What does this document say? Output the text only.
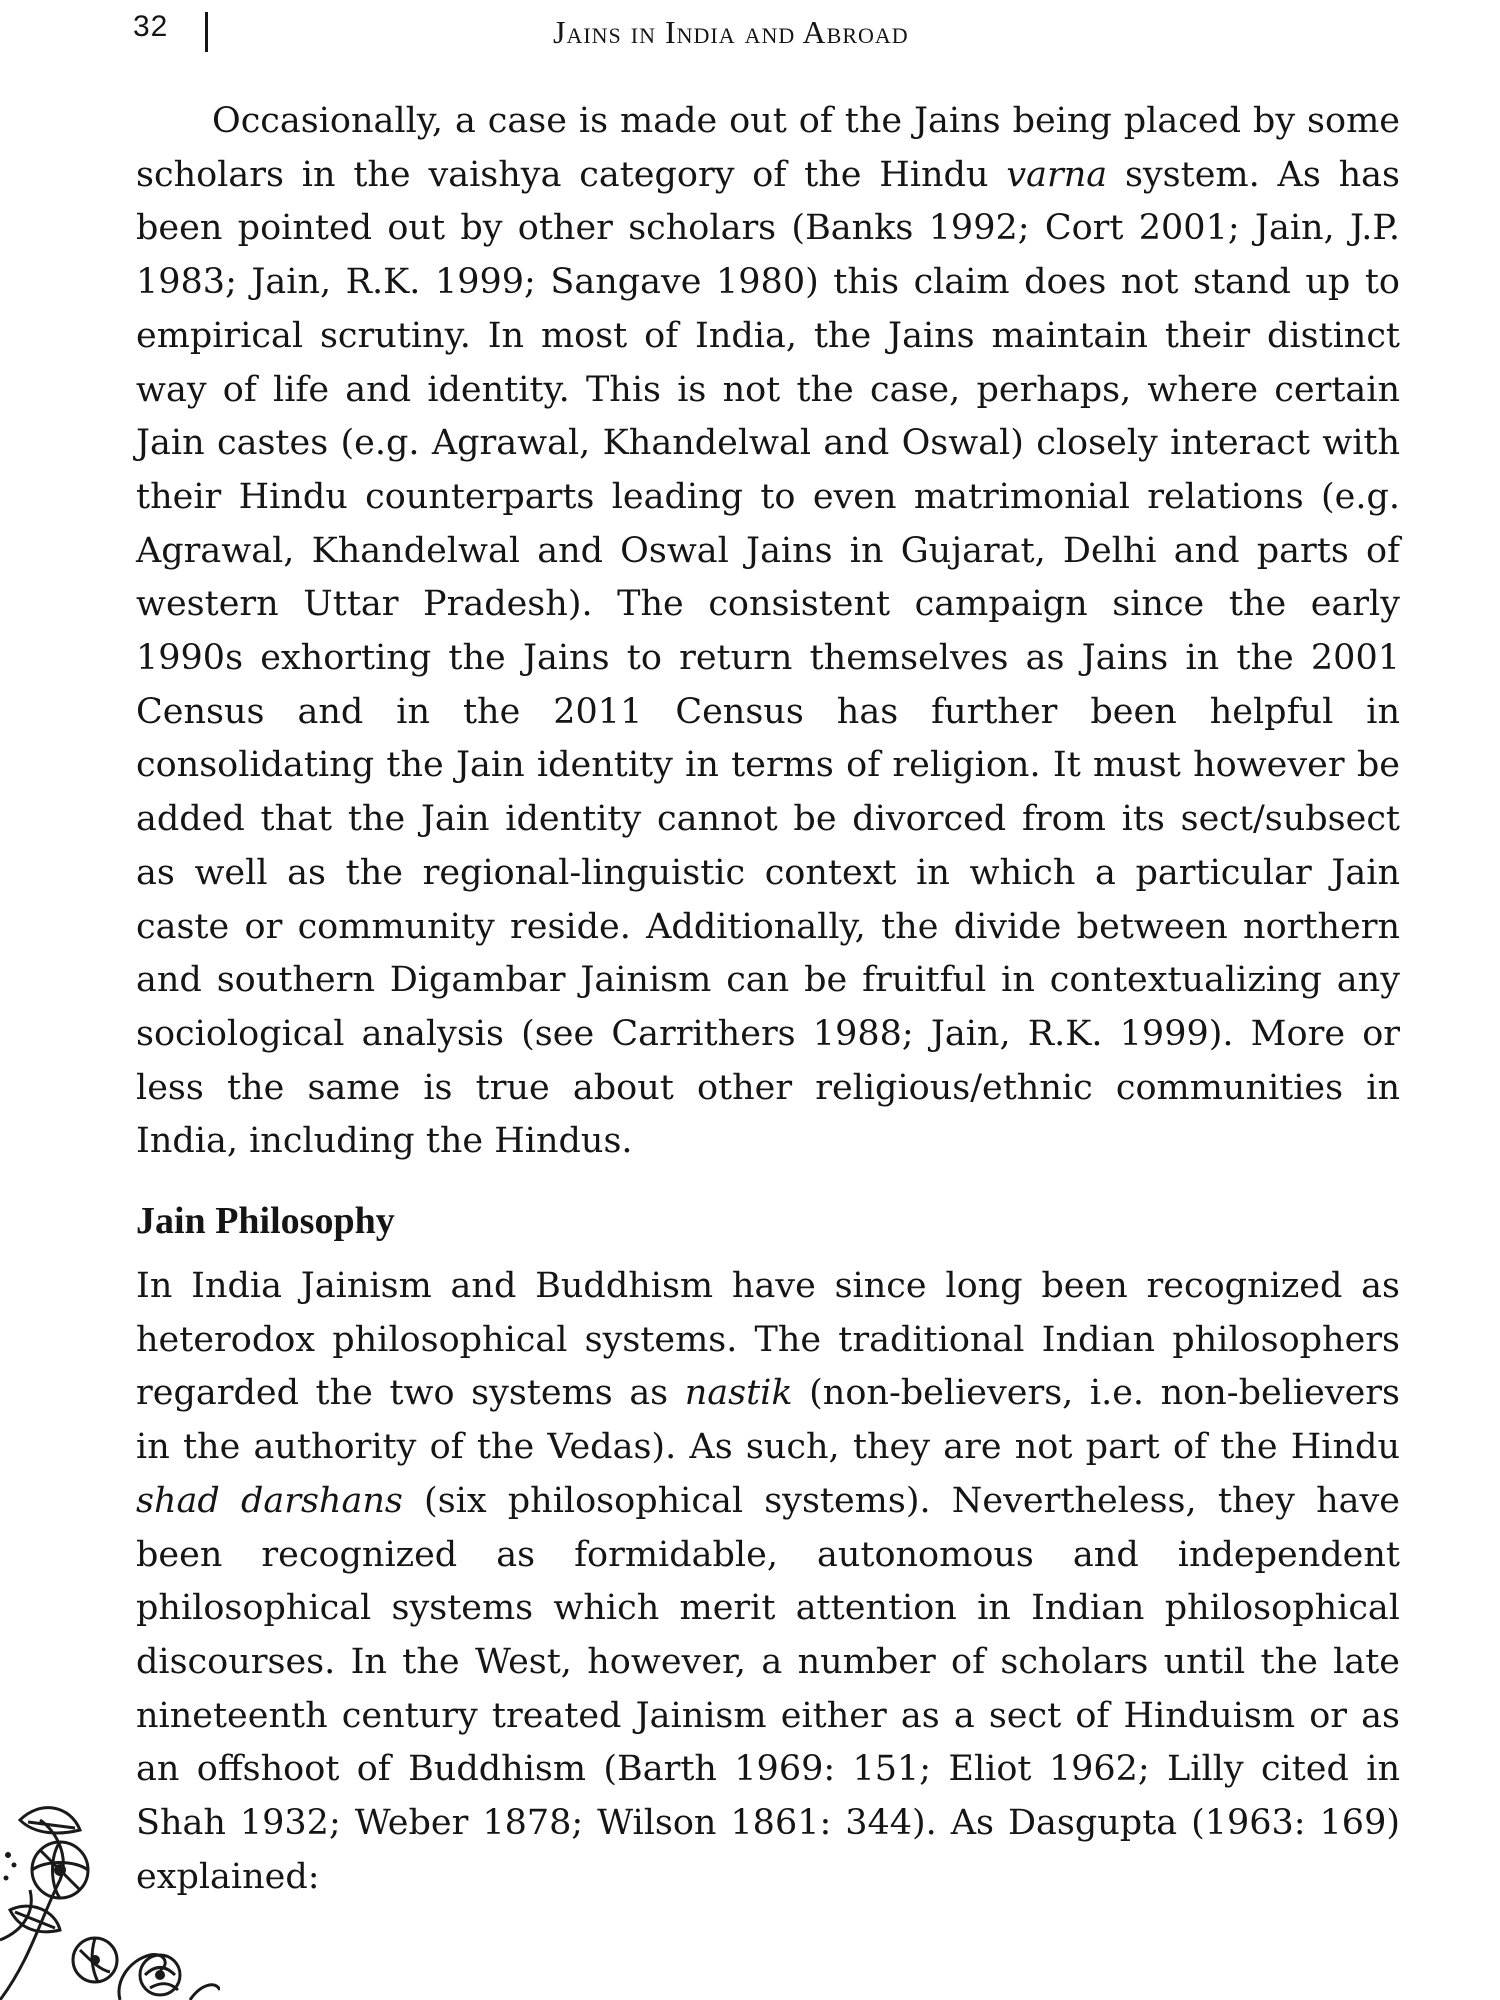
32	Jains in India and Abroad

Occasionally, a case is made out of the Jains being placed by some scholars in the vaishya category of the Hindu varna system. As has been pointed out by other scholars (Banks 1992; Cort 2001; Jain, J.P. 1983; Jain, R.K. 1999; Sangave 1980) this claim does not stand up to empirical scrutiny. In most of India, the Jains maintain their distinct way of life and identity. This is not the case, perhaps, where certain Jain castes (e.g. Agrawal, Khandelwal and Oswal) closely interact with their Hindu counterparts leading to even matrimonial relations (e.g. Agrawal, Khandelwal and Oswal Jains in Gujarat, Delhi and parts of western Uttar Pradesh). The consistent campaign since the early 1990s exhorting the Jains to return themselves as Jains in the 2001 Census and in the 2011 Census has further been helpful in consolidating the Jain identity in terms of religion. It must however be added that the Jain identity cannot be divorced from its sect/subsect as well as the regional-linguistic context in which a particular Jain caste or community reside. Additionally, the divide between northern and southern Digambar Jainism can be fruitful in contextualizing any sociological analysis (see Carrithers 1988; Jain, R.K. 1999). More or less the same is true about other religious/ethnic communities in India, including the Hindus.

Jain Philosophy

In India Jainism and Buddhism have since long been recognized as heterodox philosophical systems. The traditional Indian philosophers regarded the two systems as nastik (non-believers, i.e. non-believers in the authority of the Vedas). As such, they are not part of the Hindu shad darshans (six philosophical systems). Nevertheless, they have been recognized as formidable, autonomous and independent philosophical systems which merit attention in Indian philosophical discourses. In the West, however, a number of scholars until the late nineteenth century treated Jainism either as a sect of Hinduism or as an offshoot of Buddhism (Barth 1969: 151; Eliot 1962; Lilly cited in Shah 1932; Weber 1878; Wilson 1861: 344). As Dasgupta (1963: 169) explained:
